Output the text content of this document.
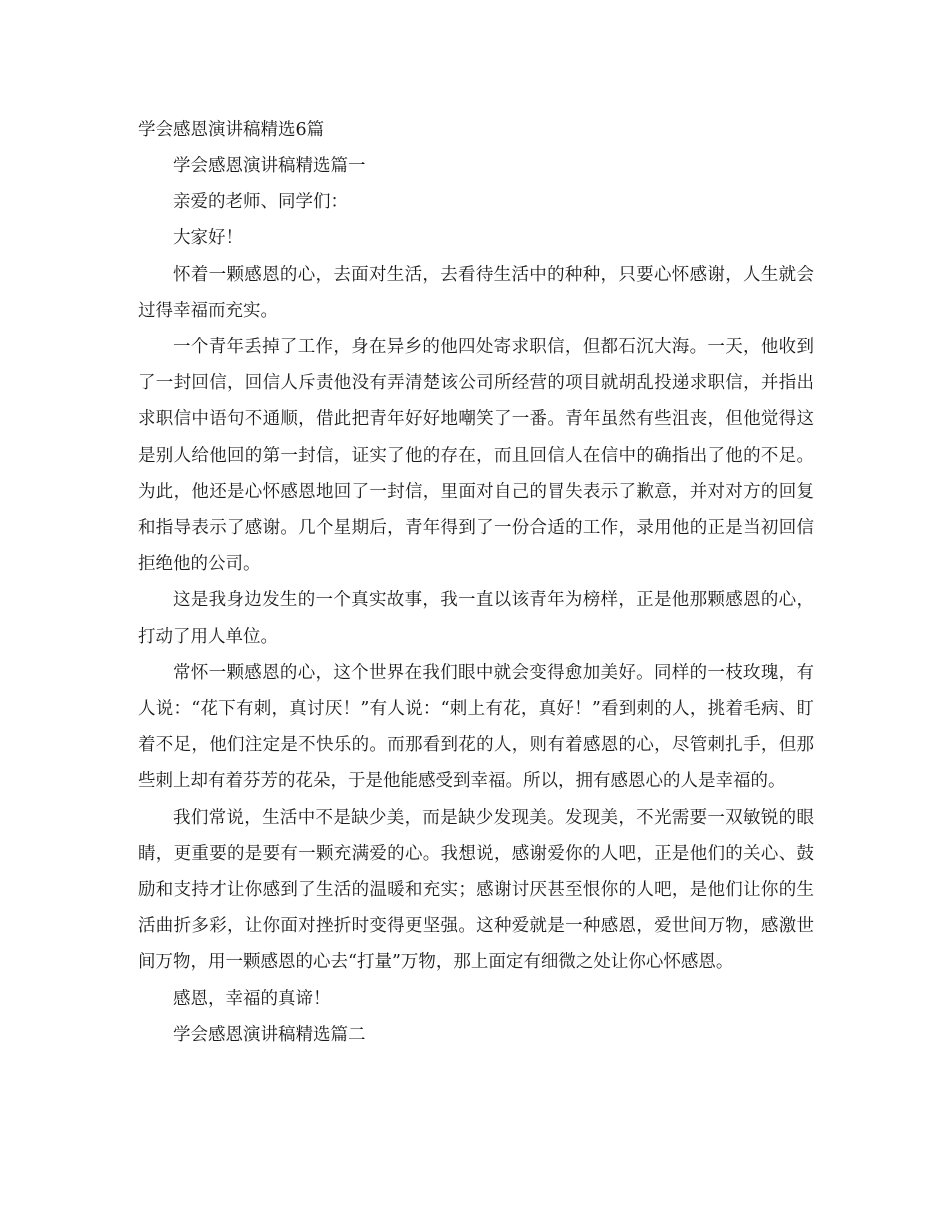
学会感恩演讲稿精选6篇

学会感恩演讲稿精选篇一

亲爱的老师、同学们：

大家好！

怀着一颗感恩的心，去面对生活，去看待生活中的种种，只要心怀感谢，人生就会过得幸福而充实。

一个青年丢掉了工作，身在异乡的他四处寄求职信，但都石沉大海。一天，他收到了一封回信，回信人斥责他没有弄清楚该公司所经营的项目就胡乱投递求职信，并指出求职信中语句不通顺，借此把青年好好地嘲笑了一番。青年虽然有些沮丧，但他觉得这是别人给他回的第一封信，证实了他的存在，而且回信人在信中的确指出了他的不足。为此，他还是心怀感恩地回了一封信，里面对自己的冒失表示了歉意，并对对方的回复和指导表示了感谢。几个星期后，青年得到了一份合适的工作，录用他的正是当初回信拒绝他的公司。

这是我身边发生的一个真实故事，我一直以该青年为榜样，正是他那颗感恩的心，打动了用人单位。

常怀一颗感恩的心，这个世界在我们眼中就会变得愈加美好。同样的一枝玫瑰，有人说：“花下有刺，真讨厌！”有人说：“刺上有花，真好！”看到刺的人，挑着毛病、盯着不足，他们注定是不快乐的。而那看到花的人，则有着感恩的心，尽管刺扎手，但那些刺上却有着芬芳的花朵，于是他能感受到幸福。所以，拥有感恩心的人是幸福的。

我们常说，生活中不是缺少美，而是缺少发现美。发现美，不光需要一双敏锐的眼睛，更重要的是要有一颗充满爱的心。我想说，感谢爱你的人吧，正是他们的关心、鼓励和支持才让你感到了生活的温暖和充实；感谢讨厌甚至恨你的人吧，是他们让你的生活曲折多彩，让你面对挫折时变得更坚强。这种爱就是一种感恩，爱世间万物，感激世间万物，用一颗感恩的心去“打量”万物，那上面定有细微之处让你心怀感恩。

感恩，幸福的真谛！

学会感恩演讲稿精选篇二
